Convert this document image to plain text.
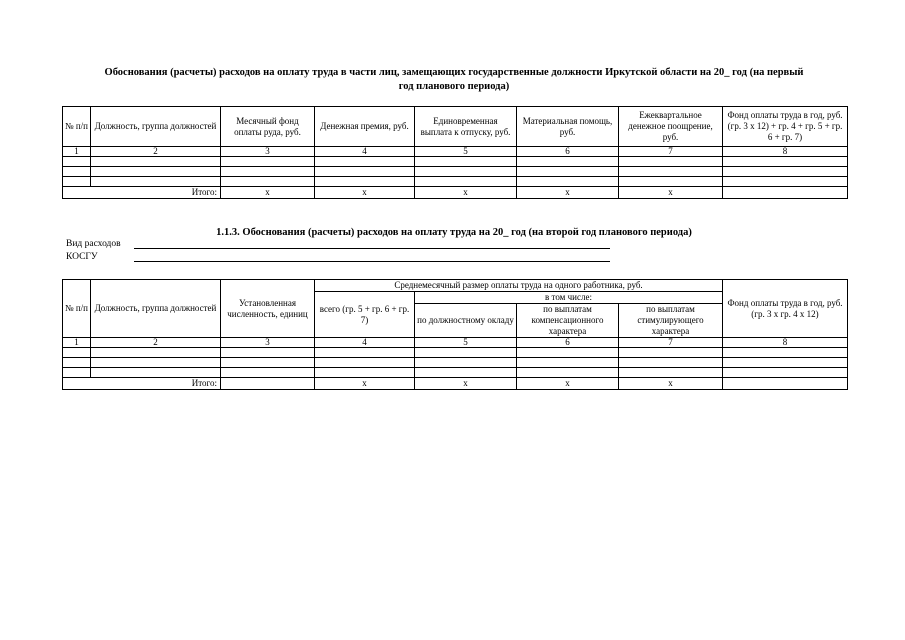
Обоснования (расчеты) расходов на оплату труда в части лиц, замещающих государственные должности Иркутской области на 20_ год (на первый
год планового периода)
№ п/п	Должность, группа должностей	Месячный фонд оплаты руда, руб.	Денежная премия, руб.	Единовременная выплата к отпуску, руб.	Материальная помощь, руб.	Ежеквартальное денежное поощрение, руб.	Фонд оплаты труда в год, руб. (гр. 3 x 12) + гр. 4 + гр. 5 + гр. 6 + гр. 7)
1	2	3	4	5	6	7	8

Итого:		x	x	x	x	x	
1.1.3. Обоснования (расчеты) расходов на оплату труда на 20_ год (на второй год планового периода)
Вид расходов
КОСГУ
№ п/п	Должность, группа должностей	Установленная численность, единиц	Среднемесячный размер оплаты труда на одного работника, руб.				Фонд оплаты труда в год, руб. (гр. 3 x гр. 4 x 12)
			всего (гр. 5 + гр. 6 + гр. 7)	в том числе:			
				по должностному окладу	по выплатам компенсационного характера	по выплатам стимулирующего характера	
1	2	3	4	5	6	7	8

Итого:			x	x	x	x	
